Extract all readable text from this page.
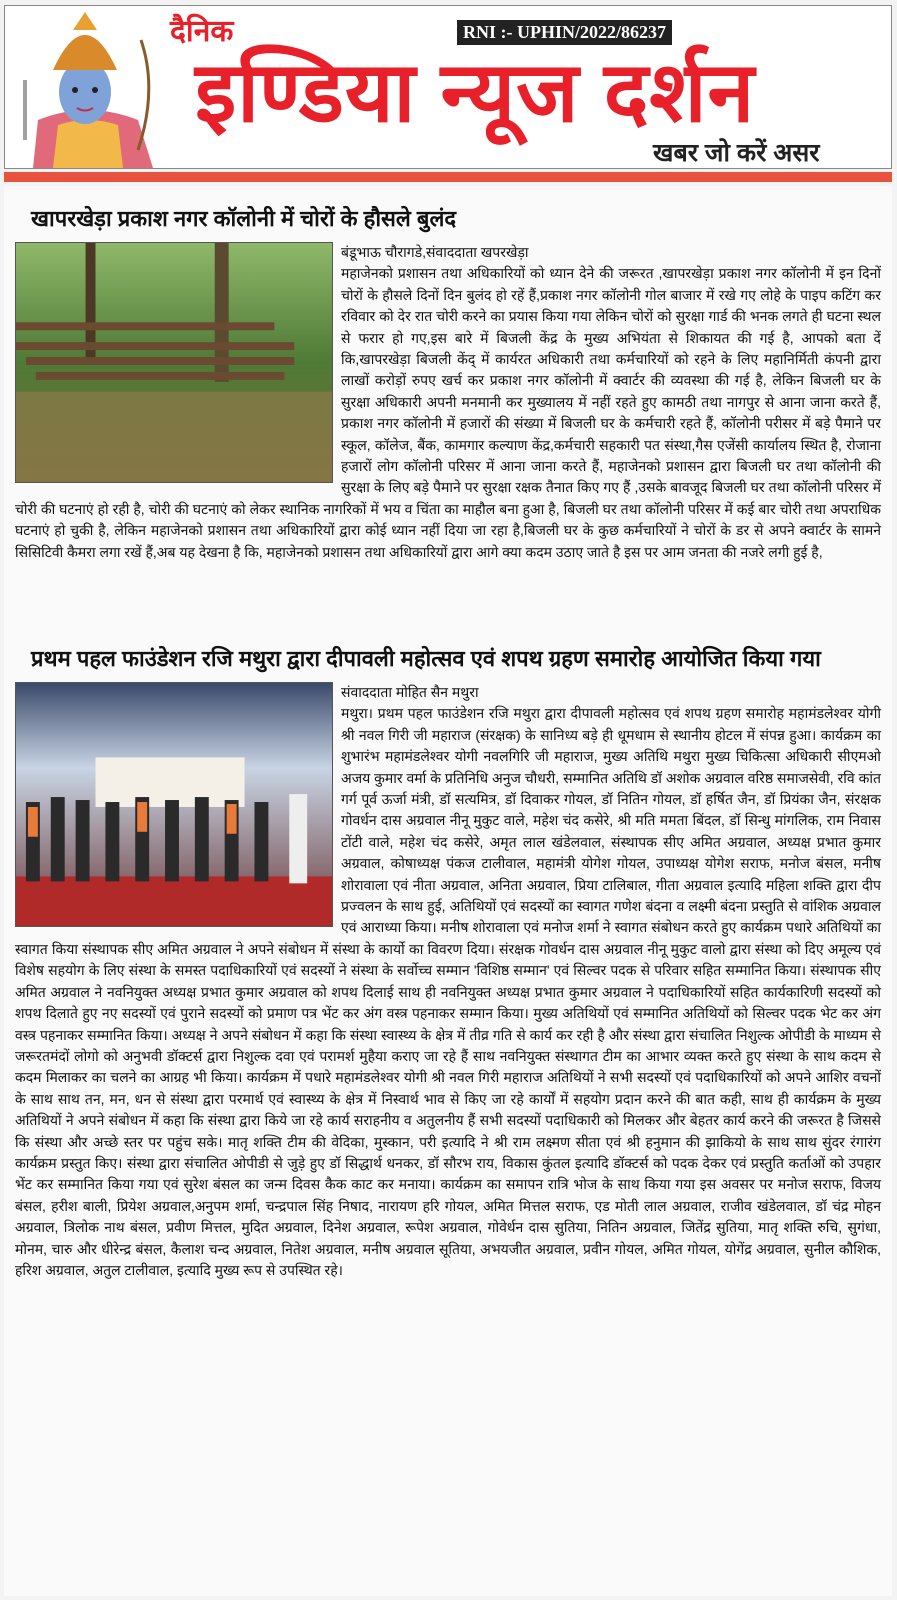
दैनिक	RNI :- UPHIN/2022/86237
इण्डिया न्यूज दर्शन
खबर जो करें असर
खापरखेड़ा प्रकाश नगर कॉलोनी में चोरों के हौसले बुलंद
बंडूभाऊ चौरागडे,संवाददाता खपरखेड़ा
महाजेनको प्रशासन तथा अधिकारियों को ध्यान देने की जरूरत ,खापरखेड़ा प्रकाश नगर कॉलोनी में इन दिनों चोरों के हौसले दिनों दिन बुलंद हो रहें हैं,प्रकाश नगर कॉलोनी गोल बाजार में रखे गए लोहे के पाइप कटिंग कर रविवार को देर रात चोरी करने का प्रयास किया गया लेकिन चोरों को सुरक्षा गार्ड की भनक लगते ही घटना स्थल से फरार हो गए,इस बारे में बिजली केंद्र के मुख्य अभियंता से शिकायत की गई है, आपको बता दें कि,खापरखेड़ा बिजली केंद् में कार्यरत अधिकारी तथा कर्मचारियों को रहने के लिए महानिर्मिती कंपनी द्वारा लाखों करोड़ों रुपए खर्च कर प्रकाश नगर कॉलोनी में क्वार्टर की व्यवस्था की गई है, लेकिन बिजली घर के सुरक्षा अधिकारी अपनी मनमानी कर मुख्यालय में नहीं रहते हुए कामठी तथा नागपुर से आना जाना करते हैं, प्रकाश नगर कॉलोनी में हजारों की संख्या में बिजली घर के कर्मचारी रहते हैं, कॉलोनी परीसर में बड़े पैमाने पर स्कूल, कॉलेज, बैंक, कामगार कल्याण केंद्र,कर्मचारी सहकारी पत संस्था,गैस एजेंसी कार्यालय स्थित है, रोजाना हजारों लोग कॉलोनी परिसर में आना जाना करते हैं, महाजेनको प्रशासन द्वारा बिजली घर तथा कॉलोनी की सुरक्षा के लिए बड़े पैमाने पर सुरक्षा रक्षक तैनात किए गए हैं ,उसके बावजूद बिजली घर तथा कॉलोनी परिसर में चोरी की घटनाएं हो रही है, चोरी की घटनाएं को लेकर स्थानिक नागरिकों में भय व चिंता का माहौल बना हुआ है, बिजली घर तथा कॉलोनी परिसर में कई बार चोरी तथा अपराधिक घटनाएं हो चुकी है, लेकिन महाजेनको प्रशासन तथा अधिकारियों द्वारा कोई ध्यान नहीं दिया जा रहा है,बिजली घर के कुछ कर्मचारियों ने चोरों के डर से अपने क्वार्टर के सामने सिसिटिवी कैमरा लगा रखें हैं,अब यह देखना है कि, महाजेनको प्रशासन तथा अधिकारियों द्वारा आगे क्या कदम उठाए जाते है इस पर आम जनता की नजरे लगी हुई है,
प्रथम पहल फाउंडेशन रजि मथुरा द्वारा दीपावली महोत्सव एवं शपथ ग्रहण समारोह आयोजित किया गया
संवाददाता मोहित सैन मथुरा
मथुरा। प्रथम पहल फाउंडेशन रजि मथुरा द्वारा दीपावली महोत्सव एवं शपथ ग्रहण समारोह महामंडलेश्वर योगी श्री नवल गिरी जी महाराज (संरक्षक) के सानिध्य बड़े ही धूमधाम से स्थानीय होटल में संपन्न हुआ। कार्यक्रम का शुभारंभ महामंडलेश्वर योगी नवलगिरि जी महाराज, मुख्य अतिथि मथुरा मुख्य चिकित्सा अधिकारी सीएमओ अजय कुमार वर्मा के प्रतिनिधि अनुज चौधरी, सम्मानित अतिथि डॉ अशोक अग्रवाल वरिष्ठ समाजसेवी, रवि कांत गर्ग पूर्व ऊर्जा मंत्री, डॉ सत्यमित्र, डॉ दिवाकर गोयल, डॉ नितिन गोयल, डॉ हर्षित जैन, डॉ प्रियंका जैन, संरक्षक गोवर्धन दास अग्रवाल नीनू मुकुट वाले, महेश चंद कसेरे, श्री मति ममता बिंदल, डॉ सिन्धु मांगलिक, राम निवास टोंटी वाले, महेश चंद कसेरे, अमृत लाल खंडेलवाल, संस्थापक सीए अमित अग्रवाल, अध्यक्ष प्रभात कुमार अग्रवाल, कोषाध्यक्ष पंकज टालीवाल, महामंत्री योगेश गोयल, उपाध्यक्ष योगेश सराफ, मनोज बंसल, मनीष शोरावाला एवं नीता अग्रवाल, अनिता अग्रवाल, प्रिया टालिबाल, गीता अग्रवाल इत्यादि महिला शक्ति द्वारा दीप प्रज्वलन के साथ हुई, अतिथियों एवं सदस्यों का स्वागत गणेश बंदना व लक्ष्मी बंदना प्रस्तुति से वांशिक अग्रवाल एवं आराध्या किया। मनीष शोरावाला एवं मनोज शर्मा ने स्वागत संबोधन करते हुए कार्यक्रम पधारे अतिथियों का स्वागत किया संस्थापक सीए अमित अग्रवाल ने अपने संबोधन में संस्था के कार्यो का विवरण दिया। संरक्षक गोवर्धन दास अग्रवाल नीनू मुकुट वालो द्वारा संस्था को दिए अमूल्य एवं विशेष सहयोग के लिए संस्था के समस्त पदाधिकारियों एवं सदस्यों ने संस्था के सर्वोच्च सम्मान 'विशिष्ठ सम्मान' एवं सिल्वर पदक से परिवार सहित सम्मानित किया। संस्थापक सीए अमित अग्रवाल ने नवनियुक्त अध्यक्ष प्रभात कुमार अग्रवाल को शपथ दिलाई साथ ही नवनियुक्त अध्यक्ष प्रभात कुमार अग्रवाल ने पदाधिकारियों सहित कार्यकारिणी सदस्यों को शपथ दिलाते हुए नए सदस्यों एवं पुराने सदस्यों को प्रमाण पत्र भेंट कर अंग वस्त्र पहनाकर सम्मान किया। मुख्य अतिथियों एवं सम्मानित अतिथियों को सिल्वर पदक भेट कर अंग वस्त्र पहनाकर सम्मानित किया। अध्यक्ष ने अपने संबोधन में कहा कि संस्था स्वास्थ्य के क्षेत्र में तीव्र गति से कार्य कर रही है और संस्था द्वारा संचालित निशुल्क ओपीडी के माध्यम से जरूरतमंदों लोगो को अनुभवी डॉक्टर्स द्वारा निशुल्क दवा एवं परामर्श मुहैया कराए जा रहे हैं साथ नवनियुक्त संस्थागत टीम का आभार व्यक्त करते हुए संस्था के साथ कदम से कदम मिलाकर का चलने का आग्रह भी किया। कार्यक्रम में पधारे महामंडलेश्वर योगी श्री नवल गिरी महाराज अतिथियों ने सभी सदस्यों एवं पदाधिकारियों को अपने आशिर वचनों के साथ साथ तन, मन, धन से संस्था द्वारा परमार्थ एवं स्वास्थ्य के क्षेत्र में निस्वार्थ भाव से किए जा रहे कार्यों में सहयोग प्रदान करने की बात कही, साथ ही कार्यक्रम के मुख्य अतिथियों ने अपने संबोधन में कहा कि संस्था द्वारा किये जा रहे कार्य सराहनीय व अतुलनीय हैं सभी सदस्यों पदाधिकारी को मिलकर और बेहतर कार्य करने की जरूरत है जिससे कि संस्था और अच्छे स्तर पर पहुंच सके। मातृ शक्ति टीम की वेदिका, मुस्कान, परी इत्यादि ने श्री राम लक्ष्मण सीता एवं श्री हनुमान की झाकियो के साथ साथ सुंदर रंगारंग कार्यक्रम प्रस्तुत किए। संस्था द्वारा संचालित ओपीडी से जुड़े हुए डॉ सिद्धार्थ धनकर, डॉ सौरभ राय, विकास कुंतल इत्यादि डॉक्टर्स को पदक देकर एवं प्रस्तुति कर्ताओं को उपहार भेंट कर सम्मानित किया गया एवं सुरेश बंसल का जन्म दिवस कैक काट कर मनाया। कार्यक्रम का समापन रात्रि भोज के साथ किया गया इस अवसर पर मनोज सराफ, विजय बंसल, हरीश बाली, प्रियेश अग्रवाल,अनुपम शर्मा, चन्द्रपाल सिंह निषाद, नारायण हरि गोयल, अमित मित्तल सराफ, एड मोती लाल अग्रवाल, राजीव खंडेलवाल, डॉ चंद्र मोहन अग्रवाल, त्रिलोक नाथ बंसल, प्रवीण मित्तल, मुदित अग्रवाल, दिनेश अग्रवाल, रूपेश अग्रवाल, गोवेर्धन दास सुतिया, नितिन अग्रवाल, जितेंद्र सुतिया, मातृ शक्ति रुचि, सुगंधा, मोनम, चारु और धीरेन्द्र बंसल, कैलाश चन्द अग्रवाल, नितेश अग्रवाल, मनीष अग्रवाल सूतिया, अभयजीत अग्रवाल, प्रवीन गोयल, अमित गोयल, योगेंद्र अग्रवाल, सुनील कौशिक, हरिश अग्रवाल, अतुल टालीवाल, इत्यादि मुख्य रूप से उपस्थित रहे।
